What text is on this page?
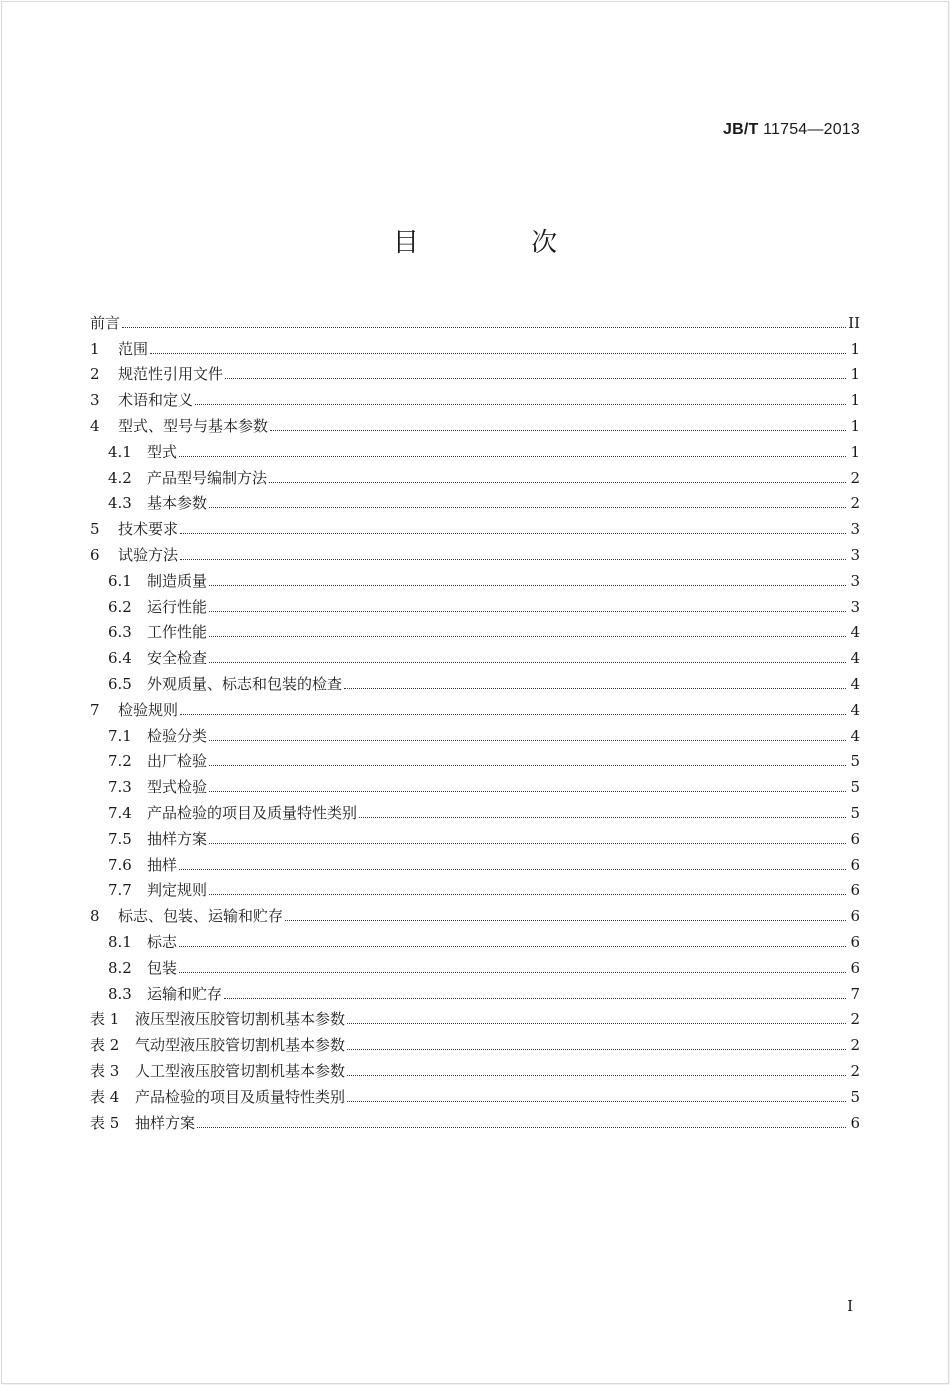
JB/T 11754—2013
目 次
前言	II
1	范围	1
2	规范性引用文件	1
3	术语和定义	1
4	型式、型号与基本参数	1
4.1	型式	1
4.2	产品型号编制方法	2
4.3	基本参数	2
5	技术要求	3
6	试验方法	3
6.1	制造质量	3
6.2	运行性能	3
6.3	工作性能	4
6.4	安全检查	4
6.5	外观质量、标志和包装的检查	4
7	检验规则	4
7.1	检验分类	4
7.2	出厂检验	5
7.3	型式检验	5
7.4	产品检验的项目及质量特性类别	5
7.5	抽样方案	6
7.6	抽样	6
7.7	判定规则	6
8	标志、包装、运输和贮存	6
8.1	标志	6
8.2	包装	6
8.3	运输和贮存	7
表 1	液压型液压胶管切割机基本参数	2
表 2	气动型液压胶管切割机基本参数	2
表 3	人工型液压胶管切割机基本参数	2
表 4	产品检验的项目及质量特性类别	5
表 5	抽样方案	6
I
